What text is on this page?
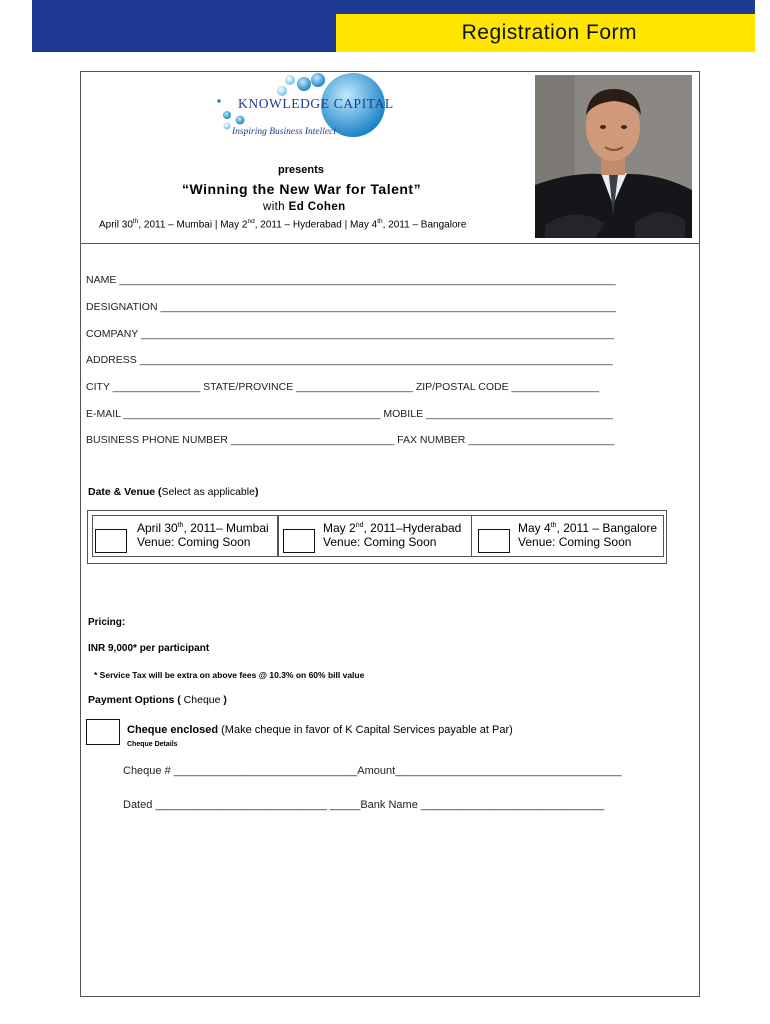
Registration Form
KNOWLEDGE CAPITAL
Inspiring Business Intellect
presents
“Winning the New War for Talent”
with Ed Cohen
April 30th, 2011 – Mumbai | May 2nd, 2011 – Hyderabad | May 4th, 2011 – Bangalore
NAME _____________________________________________________________________________________
DESIGNATION ______________________________________________________________________________
COMPANY _________________________________________________________________________________
ADDRESS _________________________________________________________________________________
CITY _______________ STATE/PROVINCE ____________________ ZIP/POSTAL CODE _______________
E-MAIL ____________________________________________ MOBILE ________________________________
BUSINESS PHONE NUMBER ____________________________ FAX NUMBER _________________________
Date & Venue (Select as applicable)
April 30th, 2011– Mumbai
Venue: Coming Soon
May 2nd, 2011–Hyderabad
Venue: Coming Soon
May 4th, 2011 – Bangalore
Venue: Coming Soon
Pricing:
INR 9,000* per participant
* Service Tax will be extra on above fees @ 10.3% on 60% bill value
Payment Options ( Cheque )
Cheque enclosed (Make cheque in favor of K Capital Services payable at Par)
Cheque Details
Cheque # ______________________________Amount_____________________________________
Dated ____________________________ _____Bank Name ______________________________
